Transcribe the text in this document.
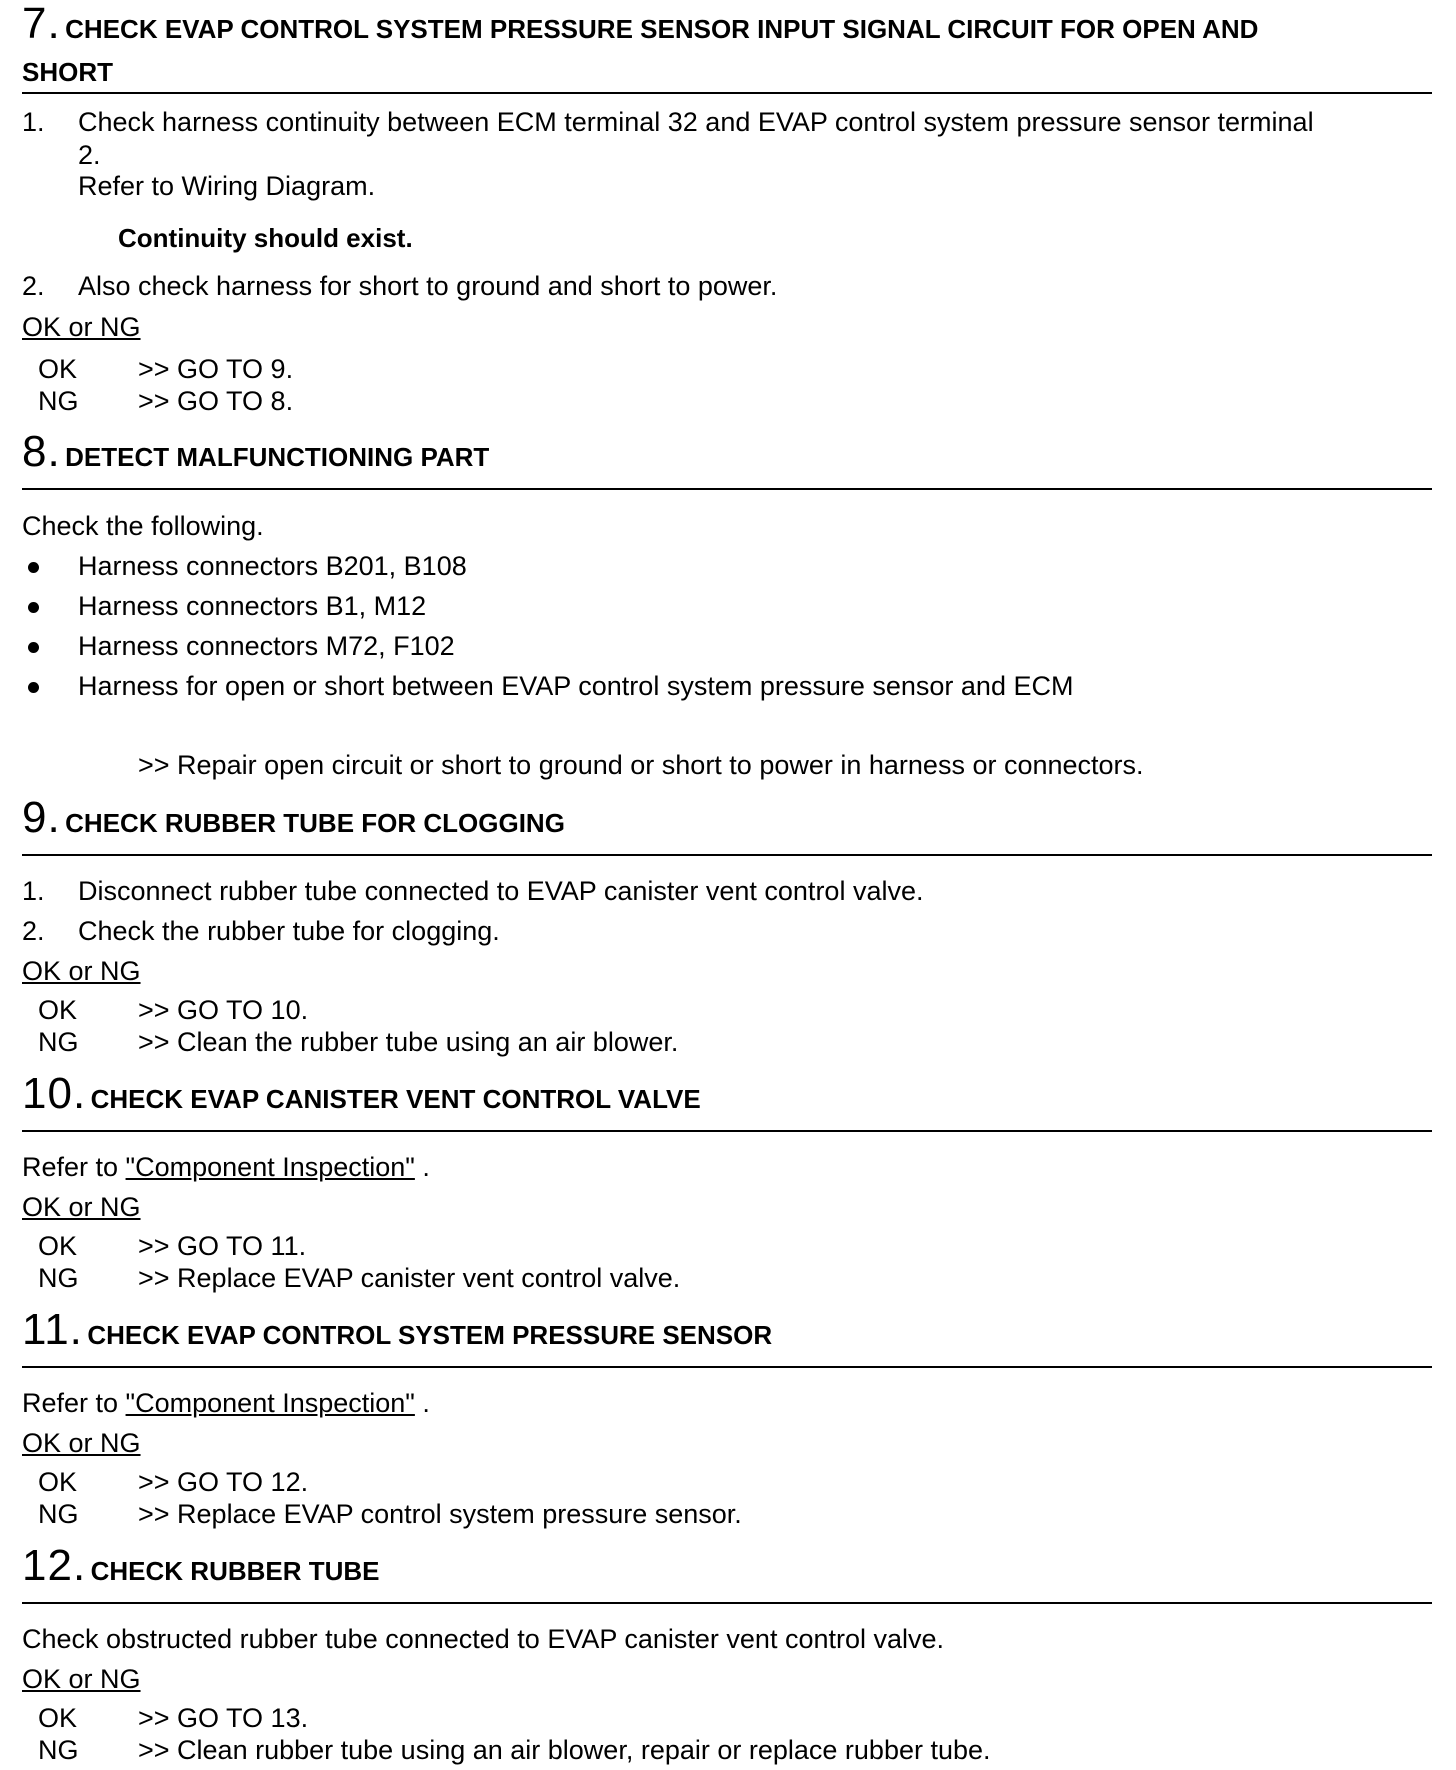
7. CHECK EVAP CONTROL SYSTEM PRESSURE SENSOR INPUT SIGNAL CIRCUIT FOR OPEN AND
SHORT
1. Check harness continuity between ECM terminal 32 and EVAP control system pressure sensor terminal
2.
Refer to Wiring Diagram.
Continuity should exist.
2. Also check harness for short to ground and short to power.
OK or NG
OK >> GO TO 9.
NG >> GO TO 8.
8. DETECT MALFUNCTIONING PART
Check the following.
Harness connectors B201, B108
Harness connectors B1, M12
Harness connectors M72, F102
Harness for open or short between EVAP control system pressure sensor and ECM
>> Repair open circuit or short to ground or short to power in harness or connectors.
9. CHECK RUBBER TUBE FOR CLOGGING
1. Disconnect rubber tube connected to EVAP canister vent control valve.
2. Check the rubber tube for clogging.
OK or NG
OK >> GO TO 10.
NG >> Clean the rubber tube using an air blower.
10. CHECK EVAP CANISTER VENT CONTROL VALVE
Refer to "Component Inspection" .
OK or NG
OK >> GO TO 11.
NG >> Replace EVAP canister vent control valve.
11. CHECK EVAP CONTROL SYSTEM PRESSURE SENSOR
Refer to "Component Inspection" .
OK or NG
OK >> GO TO 12.
NG >> Replace EVAP control system pressure sensor.
12. CHECK RUBBER TUBE
Check obstructed rubber tube connected to EVAP canister vent control valve.
OK or NG
OK >> GO TO 13.
NG >> Clean rubber tube using an air blower, repair or replace rubber tube.
